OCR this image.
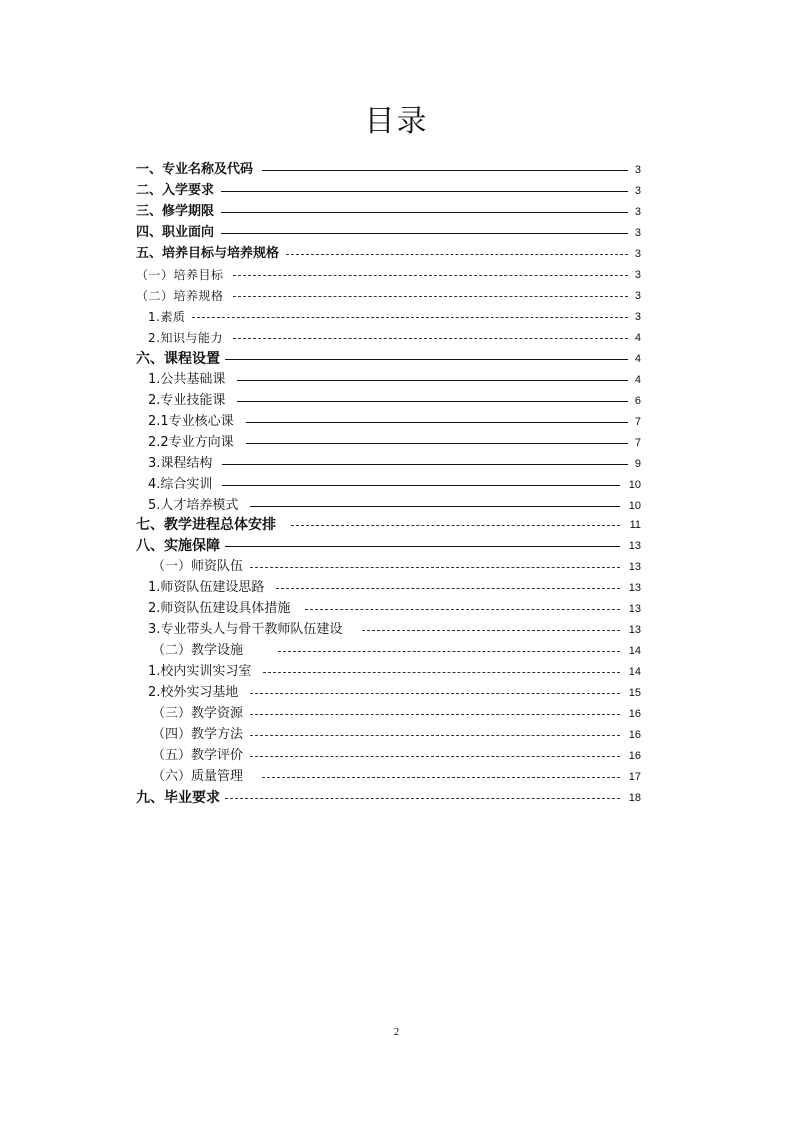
目录
一、专业名称及代码	3
二、入学要求	3
三、修学期限	3
四、职业面向	3
五、培养目标与培养规格	3
（一）培养目标	3
（二）培养规格	3
1.素质	3
2.知识与能力	4
六、课程设置	4
1.公共基础课	4
2.专业技能课	6
2.1专业核心课	7
2.2专业方向课	7
3.课程结构	9
4.综合实训	10
5.人才培养模式	10
七、教学进程总体安排	11
八、实施保障	13
（一）师资队伍	13
1.师资队伍建设思路	13
2.师资队伍建设具体措施	13
3.专业带头人与骨干教师队伍建设	13
（二）教学设施	14
1.校内实训实习室	14
2.校外实习基地	15
（三）教学资源	16
（四）教学方法	16
（五）教学评价	16
（六）质量管理	17
九、毕业要求	18
2
